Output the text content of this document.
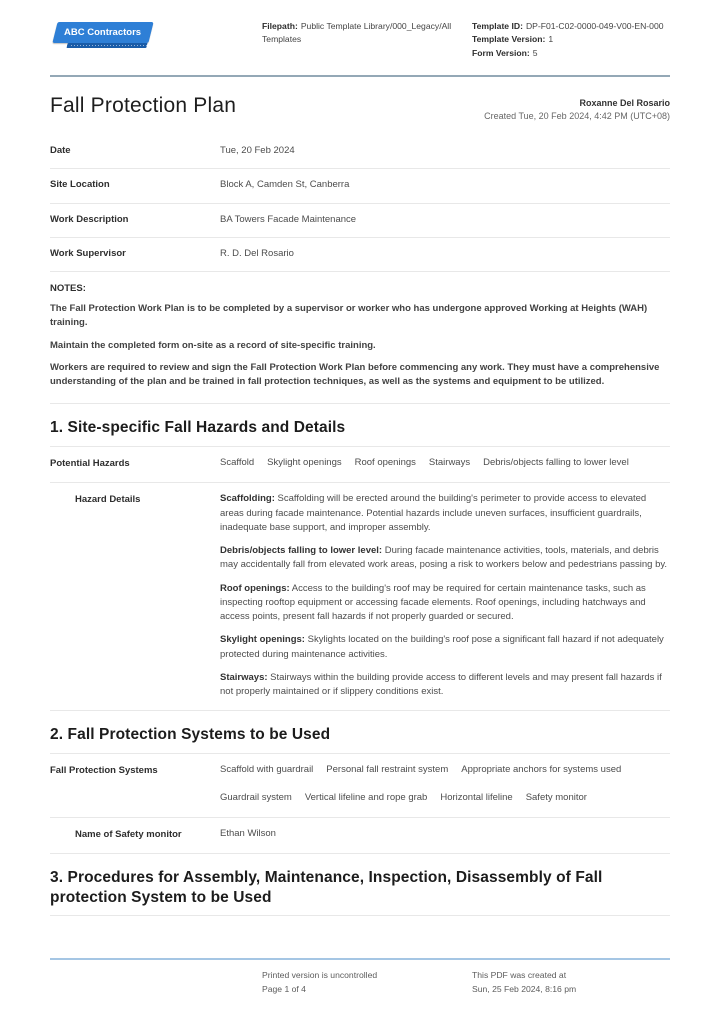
ABC Contractors
Filepath: Public Template Library/000_Legacy/All Templates
Template ID: DP-F01-C02-0000-049-V00-EN-000
Template Version: 1
Form Version: 5
Fall Protection Plan	Roxanne Del Rosario
Created Tue, 20 Feb 2024, 4:42 PM (UTC+08)
Date	Tue, 20 Feb 2024
Site Location	Block A, Camden St, Canberra
Work Description	BA Towers Facade Maintenance
Work Supervisor	R. D. Del Rosario
NOTES:

The Fall Protection Work Plan is to be completed by a supervisor or worker who has undergone approved Working at Heights (WAH) training.

Maintain the completed form on-site as a record of site-specific training.

Workers are required to review and sign the Fall Protection Work Plan before commencing any work. They must have a comprehensive understanding of the plan and be trained in fall protection techniques, as well as the systems and equipment to be utilized.

1. Site-specific Fall Hazards and Details
Potential Hazards	Scaffold Skylight openings Roof openings Stairways Debris/objects falling to lower level
Hazard Details	Scaffolding: Scaffolding will be erected around the building's perimeter to provide access to elevated areas during facade maintenance. Potential hazards include uneven surfaces, insufficient guardrails, inadequate base support, and improper assembly.

Debris/objects falling to lower level: During facade maintenance activities, tools, materials, and debris may accidentally fall from elevated work areas, posing a risk to workers below and pedestrians passing by.

Roof openings: Access to the building's roof may be required for certain maintenance tasks, such as inspecting rooftop equipment or accessing facade elements. Roof openings, including hatchways and access points, present fall hazards if not properly guarded or secured.

Skylight openings: Skylights located on the building's roof pose a significant fall hazard if not adequately protected during maintenance activities.

Stairways: Stairways within the building provide access to different levels and may present fall hazards if not properly maintained or if slippery conditions exist.

2. Fall Protection Systems to be Used
Fall Protection Systems	Scaffold with guardrail Personal fall restraint system Appropriate anchors for systems used
Guardrail system Vertical lifeline and rope grab Horizontal lifeline Safety monitor
Name of Safety monitor	Ethan Wilson
3. Procedures for Assembly, Maintenance, Inspection, Disassembly of Fall protection System to be Used
Printed version is uncontrolled
Page 1 of 4
This PDF was created at
Sun, 25 Feb 2024, 8:16 pm
